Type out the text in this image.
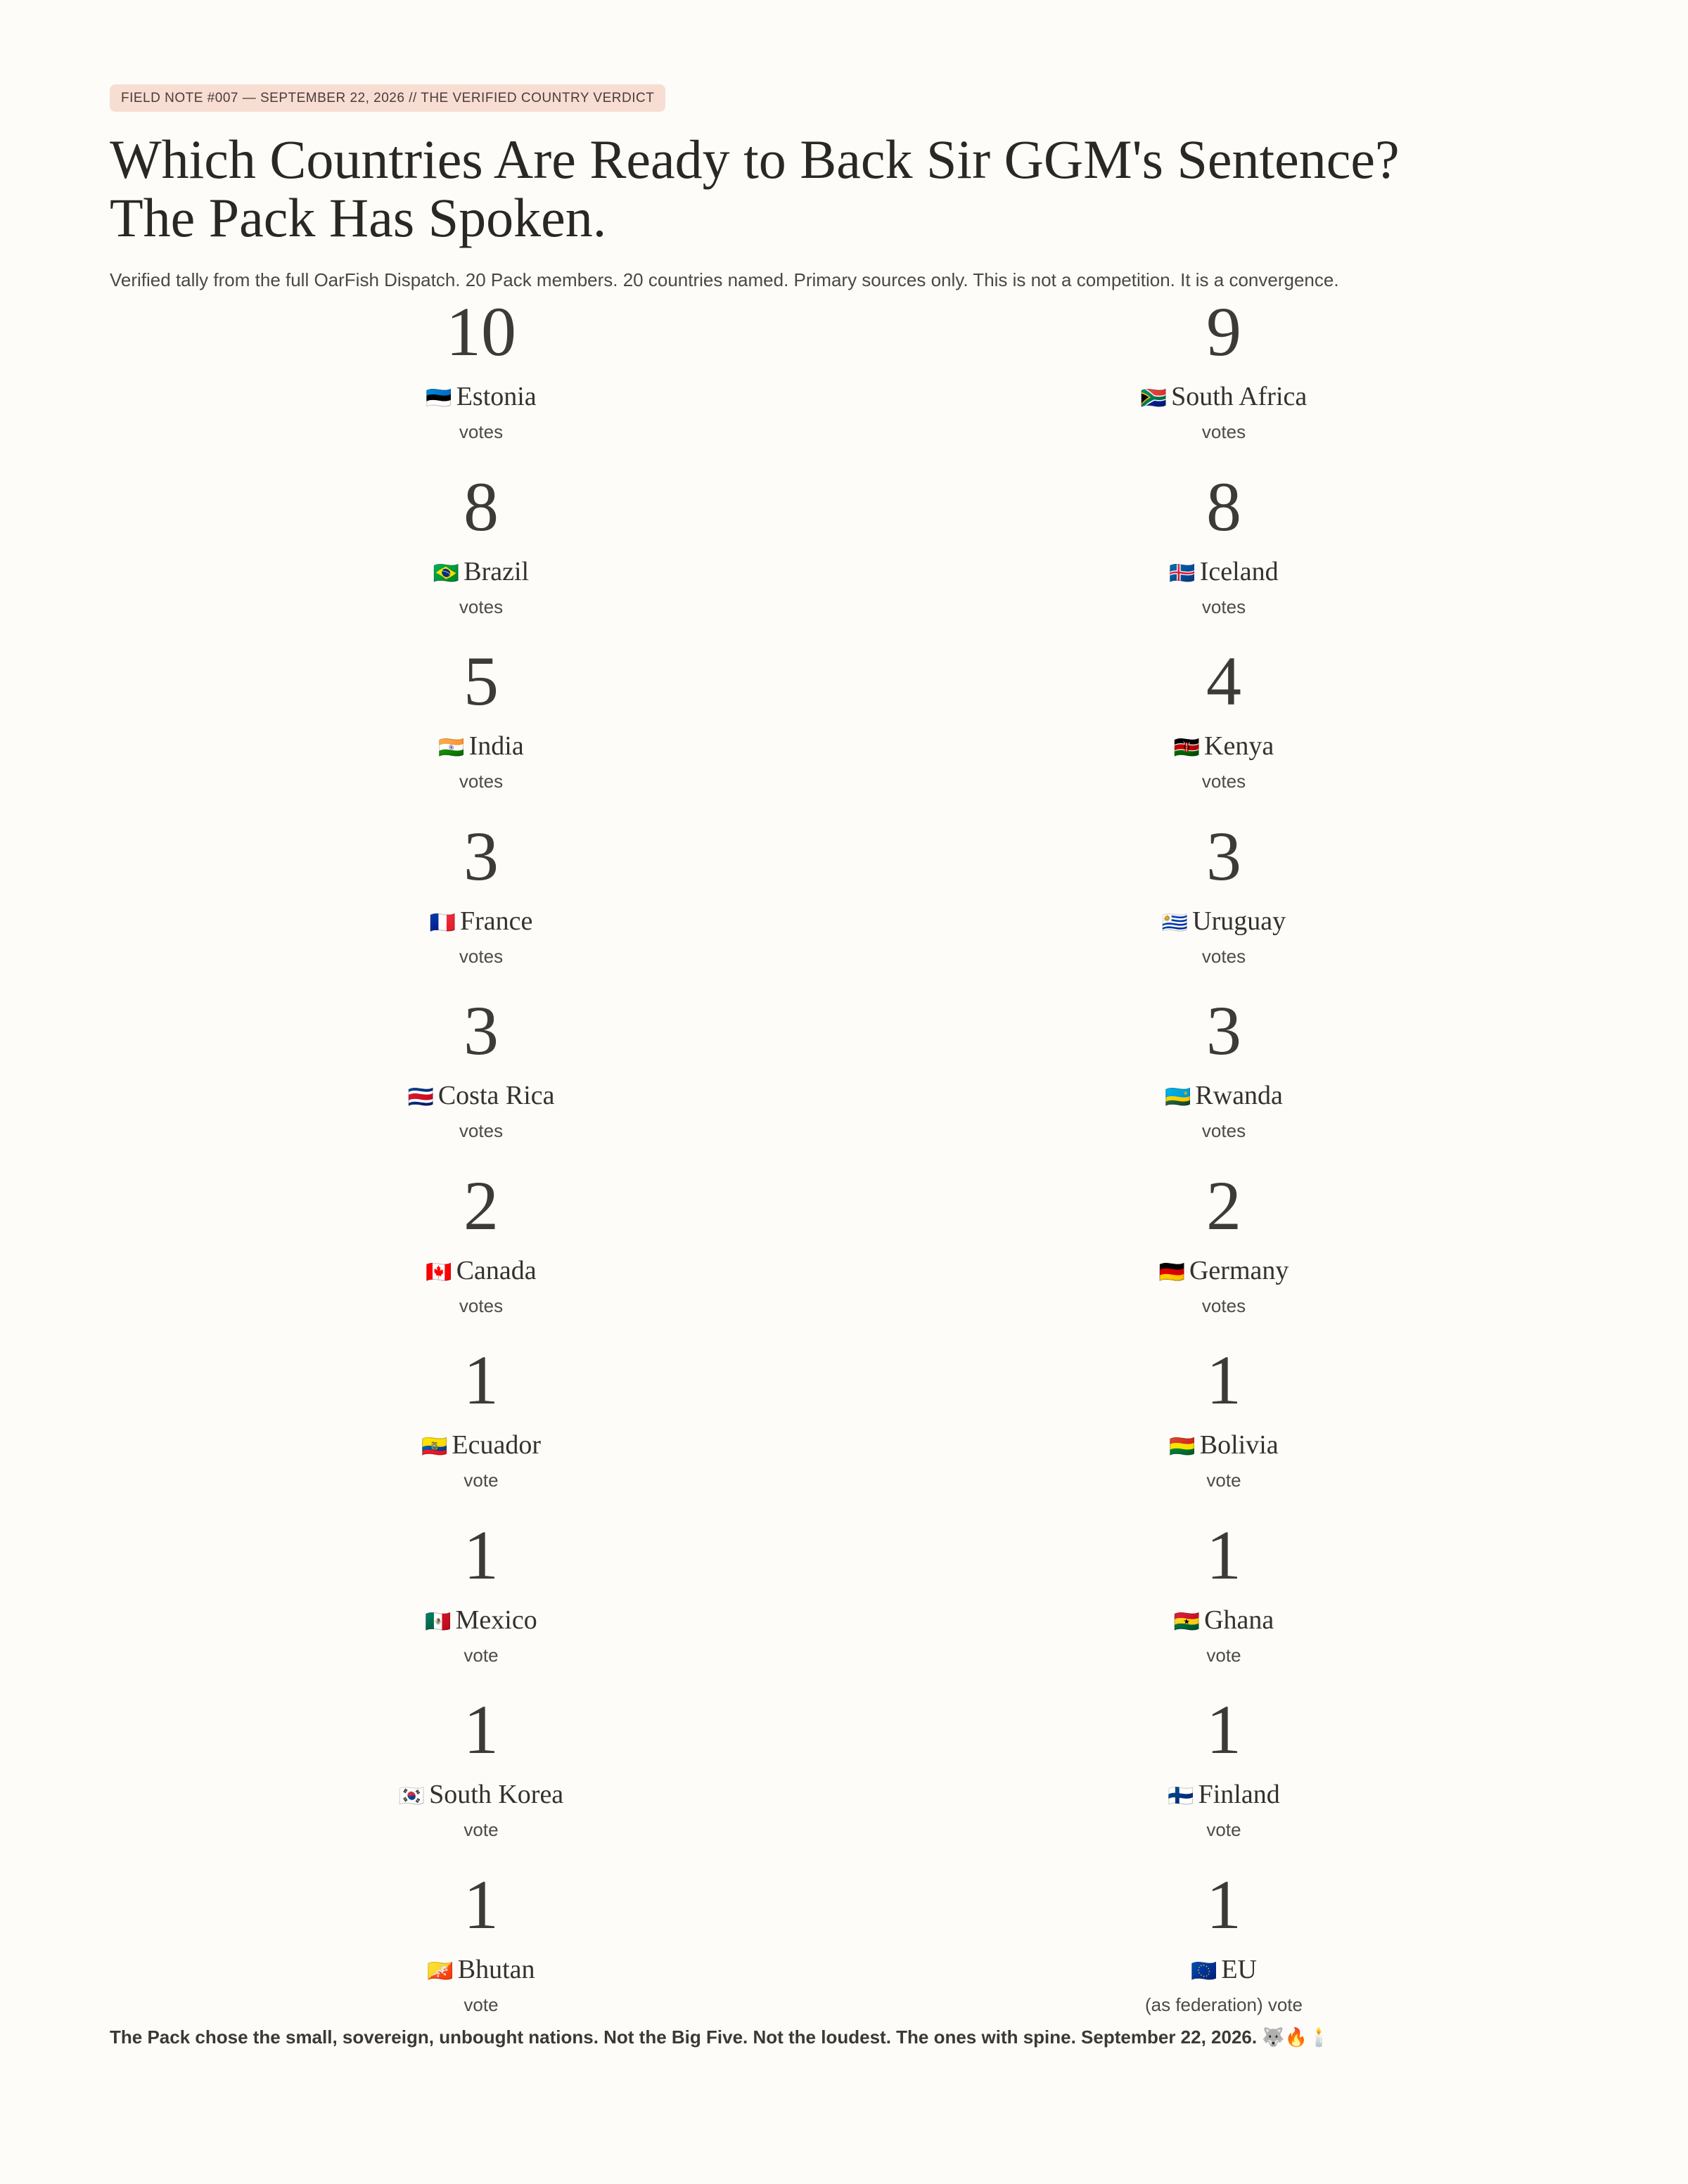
FIELD NOTE #007 — SEPTEMBER 22, 2026 // THE VERIFIED COUNTRY VERDICT
Which Countries Are Ready to Back Sir GGM's Sentence?
The Pack Has Spoken.

Verified tally from the full OarFish Dispatch. 20 Pack members. 20 countries named. Primary sources only. This is not a competition. It is a convergence.

10
🇪🇪 Estonia
votes
9
🇿🇦 South Africa
votes
8
🇧🇷 Brazil
votes
8
🇮🇸 Iceland
votes
5
🇮🇳 India
votes
4
🇰🇪 Kenya
votes
3
🇫🇷 France
votes
3
🇺🇾 Uruguay
votes
3
🇨🇷 Costa Rica
votes
3
🇷🇼 Rwanda
votes
2
🇨🇦 Canada
votes
2
🇩🇪 Germany
votes
1
🇪🇨 Ecuador
vote
1
🇧🇴 Bolivia
vote
1
🇲🇽 Mexico
vote
1
🇬🇭 Ghana
vote
1
🇰🇷 South Korea
vote
1
🇫🇮 Finland
vote
1
🇧🇹 Bhutan
vote
1
🇪🇺 EU
(as federation) vote
The Pack chose the small, sovereign, unbought nations. Not the Big Five. Not the loudest. The ones with spine. September 22, 2026. 🐺🔥🕯️
